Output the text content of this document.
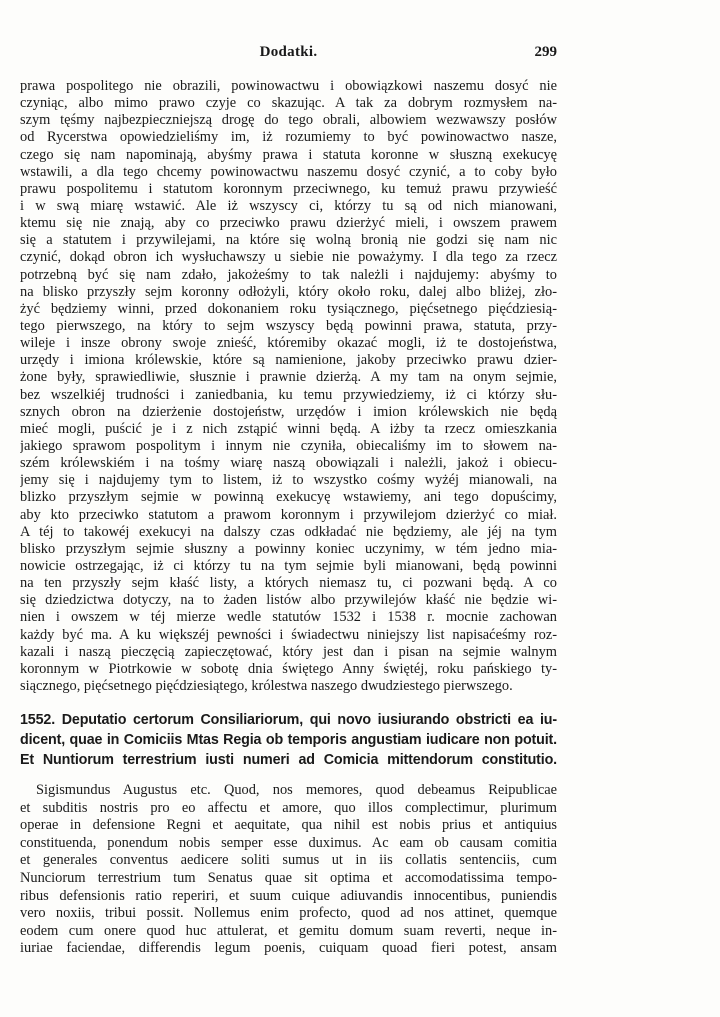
Dodatki.	299
prawa pospolitego nie obrazili, powinowactwu i obowiązkowi naszemu dosyć nie
czyniąc, albo mimo prawo czyje co skazując. A tak za dobrym rozmysłem na-
szym tęśmy najbezpieczniejszą drogę do tego obrali, albowiem wezwawszy posłów
od Rycerstwa opowiedzieliśmy im, iż rozumiemy to być powinowactwo nasze,
czego się nam napominają, abyśmy prawa i statuta koronne w słuszną exekucyę
wstawili, a dla tego chcemy powinowactwu naszemu dosyć czynić, a to coby było
prawu pospolitemu i statutom koronnym przeciwnego, ku temuż prawu przywieść
i w swą miarę wstawić. Ale iż wszyscy ci, którzy tu są od nich mianowani,
ktemu się nie znają, aby co przeciwko prawu dzierżyć mieli, i owszem prawem
się a statutem i przywilejami, na które się wolną bronią nie godzi się nam nic
czynić, dokąd obron ich wysłuchawszy u siebie nie poważymy. I dla tego za rzecz
potrzebną być się nam zdało, jakożeśmy to tak należli i najdujemy: abyśmy to
na blisko przyszły sejm koronny odłożyli, który około roku, dalej albo bliżej, zło-
żyć będziemy winni, przed dokonaniem roku tysiącznego, pięćsetnego pięćdziesią-
tego pierwszego, na który to sejm wszyscy będą powinni prawa, statuta, przy-
wileje i insze obrony swoje znieść, któremiby okazać mogli, iż te dostojeństwa,
urzędy i imiona królewskie, które są namienione, jakoby przeciwko prawu dzier-
żone były, sprawiedliwie, słusznie i prawnie dzierżą. A my tam na onym sejmie,
bez wszelkiéj trudności i zaniedbania, ku temu przywiedziemy, iż ci którzy słu-
sznych obron na dzierżenie dostojeństw, urzędów i imion królewskich nie będą
mieć mogli, puścić je i z nich zstąpić winni będą. A iżby ta rzecz omieszkania
jakiego sprawom pospolitym i innym nie czyniła, obiecaliśmy im to słowem na-
szém królewskiém i na tośmy wiarę naszą obowiązali i należli, jakoż i obiecu-
jemy się i najdujemy tym to listem, iż to wszystko cośmy wyżéj mianowali, na
blizko przyszłym sejmie w powinną exekucyę wstawiemy, ani tego dopuścimy,
aby kto przeciwko statutom a prawom koronnym i przywilejom dzierżyć co miał.
A téj to takowéj exekucyi na dalszy czas odkładać nie będziemy, ale jéj na tym
blisko przyszłym sejmie słuszny a powinny koniec uczynimy, w tém jedno mia-
nowicie ostrzegając, iż ci którzy tu na tym sejmie byli mianowani, będą powinni
na ten przyszły sejm kłaść listy, a których niemasz tu, ci pozwani będą. A co
się dziedzictwa dotyczy, na to żaden listów albo przywilejów kłaść nie będzie wi-
nien i owszem w téj mierze wedle statutów 1532 i 1538 r. mocnie zachowan
każdy być ma. A ku większéj pewności i świadectwu niniejszy list napisaćeśmy roz-
kazali i naszą pieczęcią zapieczętować, który jest dan i pisan na sejmie walnym
koronnym w Piotrkowie w sobotę dnia świętego Anny świętéj, roku pańskiego ty-
siącznego, pięćsetnego pięćdziesiątego, królestwa naszego dwudziestego pierwszego.
1552. Deputatio certorum Consiliariorum, qui novo iusiurando obstricti ea iu-
dicent, quae in Comiciis Mtas Regia ob temporis angustiam iudicare non potuit.
Et Nuntiorum terrestrium iusti numeri ad Comicia mittendorum constitutio.
Sigismundus Augustus etc. Quod, nos memores, quod debeamus Reipublicae
et subditis nostris pro eo affectu et amore, quo illos complectimur, plurimum
operae in defensione Regni et aequitate, qua nihil est nobis prius et antiquius
constituenda, ponendum nobis semper esse duximus. Ac eam ob causam comitia
et generales conventus aedicere soliti sumus ut in iis collatis sentenciis, cum
Nunciorum terrestrium tum Senatus quae sit optima et accomodatissima tempo-
ribus defensionis ratio reperiri, et suum cuique adiuvandis innocentibus, puniendis
vero noxiis, tribui possit. Nollemus enim profecto, quod ad nos attinet, quemque
eodem cum onere quod huc attulerat, et gemitu domum suam reverti, neque in-
iuriae faciendae, differendis legum poenis, cuiquam quoad fieri potest, ansam
